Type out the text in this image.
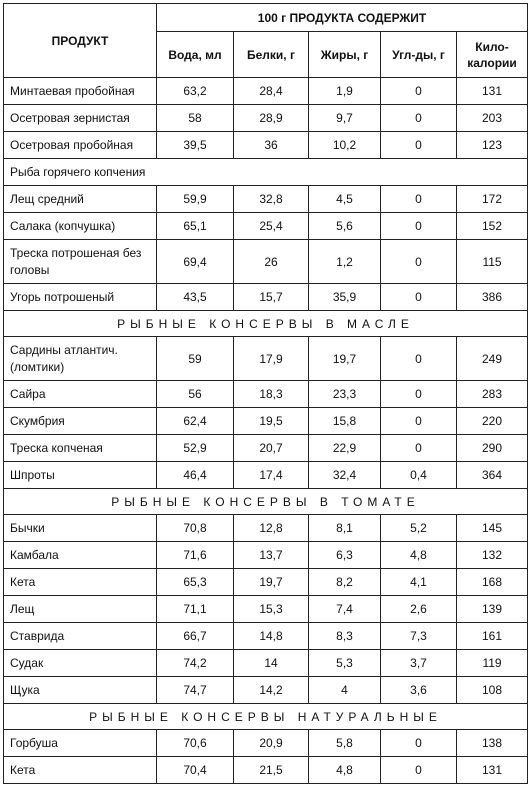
ПРОДУКТ	100 г ПРОДУКТА СОДЕРЖИТ				
	Вода, мл	Белки, г	Жиры, г	Угл-ды, г	Кило-калории
Минтаевая пробойная	63,2	28,4	1,9	0	131
Осетровая зернистая	58	28,9	9,7	0	203
Осетровая пробойная	39,5	36	10,2	0	123
Рыба горячего копчения					
Лещ средний	59,9	32,8	4,5	0	172
Салака (копчушка)	65,1	25,4	5,6	0	152
Треска потрошеная без головы	69,4	26	1,2	0	115
Угорь потрошеный	43,5	15,7	35,9	0	386
РЫБНЫЕ КОНСЕРВЫ В МАСЛЕ					
Сардины атлантич. (ломтики)	59	17,9	19,7	0	249
Сайра	56	18,3	23,3	0	283
Скумбрия	62,4	19,5	15,8	0	220
Треска копченая	52,9	20,7	22,9	0	290
Шпроты	46,4	17,4	32,4	0,4	364
РЫБНЫЕ КОНСЕРВЫ В ТОМАТЕ					
Бычки	70,8	12,8	8,1	5,2	145
Камбала	71,6	13,7	6,3	4,8	132
Кета	65,3	19,7	8,2	4,1	168
Лещ	71,1	15,3	7,4	2,6	139
Ставрида	66,7	14,8	8,3	7,3	161
Судак	74,2	14	5,3	3,7	119
Щука	74,7	14,2	4	3,6	108
РЫБНЫЕ КОНСЕРВЫ НАТУРАЛЬНЫЕ					
Горбуша	70,6	20,9	5,8	0	138
Кета	70,4	21,5	4,8	0	131
